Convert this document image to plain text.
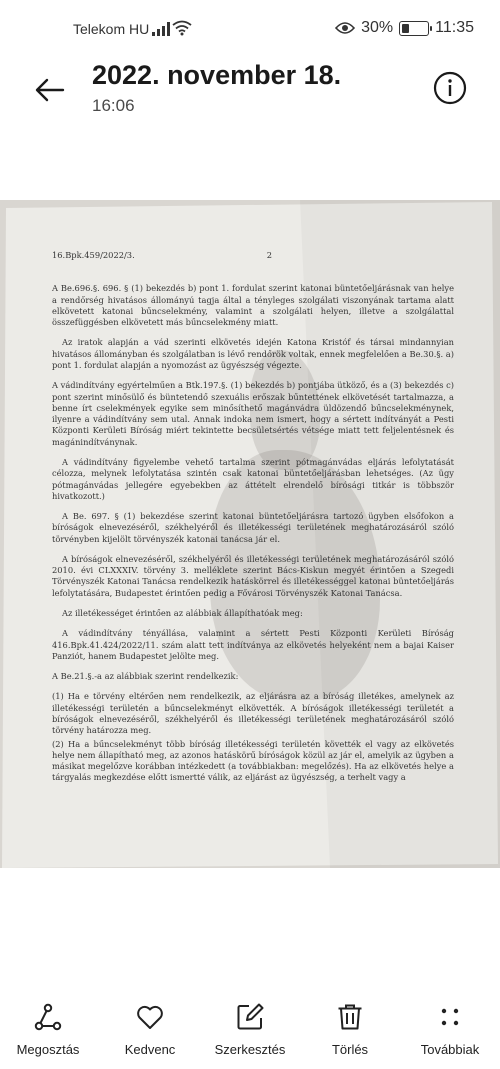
Telekom HU	30%	11:35
2022. november 18.
16:06
16.Bpk.459/2022/3.	2

A Be.696.§. 696. § (1) bekezdés b) pont 1. fordulat szerint katonai büntetőeljárásnak van helye a rendőrség hivatásos állományú tagja által a tényleges szolgálati viszonyának tartama alatt elkövetett katonai bűncselekmény, valamint a szolgálati helyen, illetve a szolgálattal összefüggésben elkövetett más bűncselekmény miatt.

Az iratok alapján a vád szerinti elkövetés idején Katona Kristóf és társai mindannyian hivatásos állományban és szolgálatban is lévő rendőrök voltak, ennek megfelelően a Be.30.§. a) pont 1. fordulat alapján a nyomozást az ügyészség végezte.

A vádindítvány egyértelműen a Btk.197.§. (1) bekezdés b) pontjába ütköző, és a (3) bekezdés c) pont szerint minősülő és büntetendő szexuális erőszak bűntettének elkövetését tartalmazza, a benne írt cselekmények egyike sem minősíthető magánvádra üldözendő bűncselekménynek, ilyenre a vádindítvány sem utal. Annak indoka nem ismert, hogy a sértett indítványát a Pesti Központi Kerületi Bíróság miért tekintette becsületsértés vétsége miatt tett feljelentésnek és magánindítványnak.

A vádindítvány figyelembe vehető tartalma szerint pótmagánvádas eljárás lefolytatását célozza, melynek lefolytatása szintén csak katonai büntetőeljárásban lehetséges. (Az ügy pótmagánvádas jellegére egyebekben az áttételt elrendelő bírósági titkár is többször hivatkozott.)

A Be. 697. § (1) bekezdése szerint katonai büntetőeljárásra tartozó ügyben elsőfokon a bíróságok elnevezéséről, székhelyéről és illetékességi területének meghatározásáról szóló törvényben kijelölt törvényszék katonai tanácsa jár el.

A bíróságok elnevezéséről, székhelyéről és illetékességi területének meghatározásáról szóló 2010. évi CLXXXIV. törvény 3. melléklete szerint Bács-Kiskun megyét érintően a Szegedi Törvényszék Katonai Tanácsa rendelkezik hatáskörrel és illetékességgel katonai büntetőeljárás lefolytatására, Budapestet érintően pedig a Fővárosi Törvényszék Katonai Tanácsa.

Az illetékességet érintően az alábbiak állapíthatóak meg:

A vádindítvány tényállása, valamint a sértett Pesti Központi Kerületi Bíróság 416.Bpk.41.424/2022/11. szám alatt tett indítványa az elkövetés helyeként nem a bajai Kaiser Panziót, hanem Budapestet jelölte meg.

A Be.21.§.-a az alábbiak szerint rendelkezik:

(1) Ha e törvény eltérően nem rendelkezik, az eljárásra az a bíróság illetékes, amelynek az illetékességi területén a bűncselekményt elkövették. A bíróságok illetékességi területét a bíróságok elnevezéséről, székhelyéről és illetékességi területének meghatározásáról szóló törvény határozza meg.

(2) Ha a bűncselekményt több bíróság illetékességi területén követték el vagy az elkövetés helye nem állapítható meg, az azonos hatáskörű bíróságok közül az jár el, amelyik az ügyben a másikat megelőzve korábban intézkedett (a továbbiakban: megelőzés). Ha az elkövetés helye a tárgyalás megkezdése előtt ismertté válik, az eljárást az ügyészség, a terhelt vagy a

Megosztás	Kedvenc	Szerkesztés	Törlés	Továbbiak
